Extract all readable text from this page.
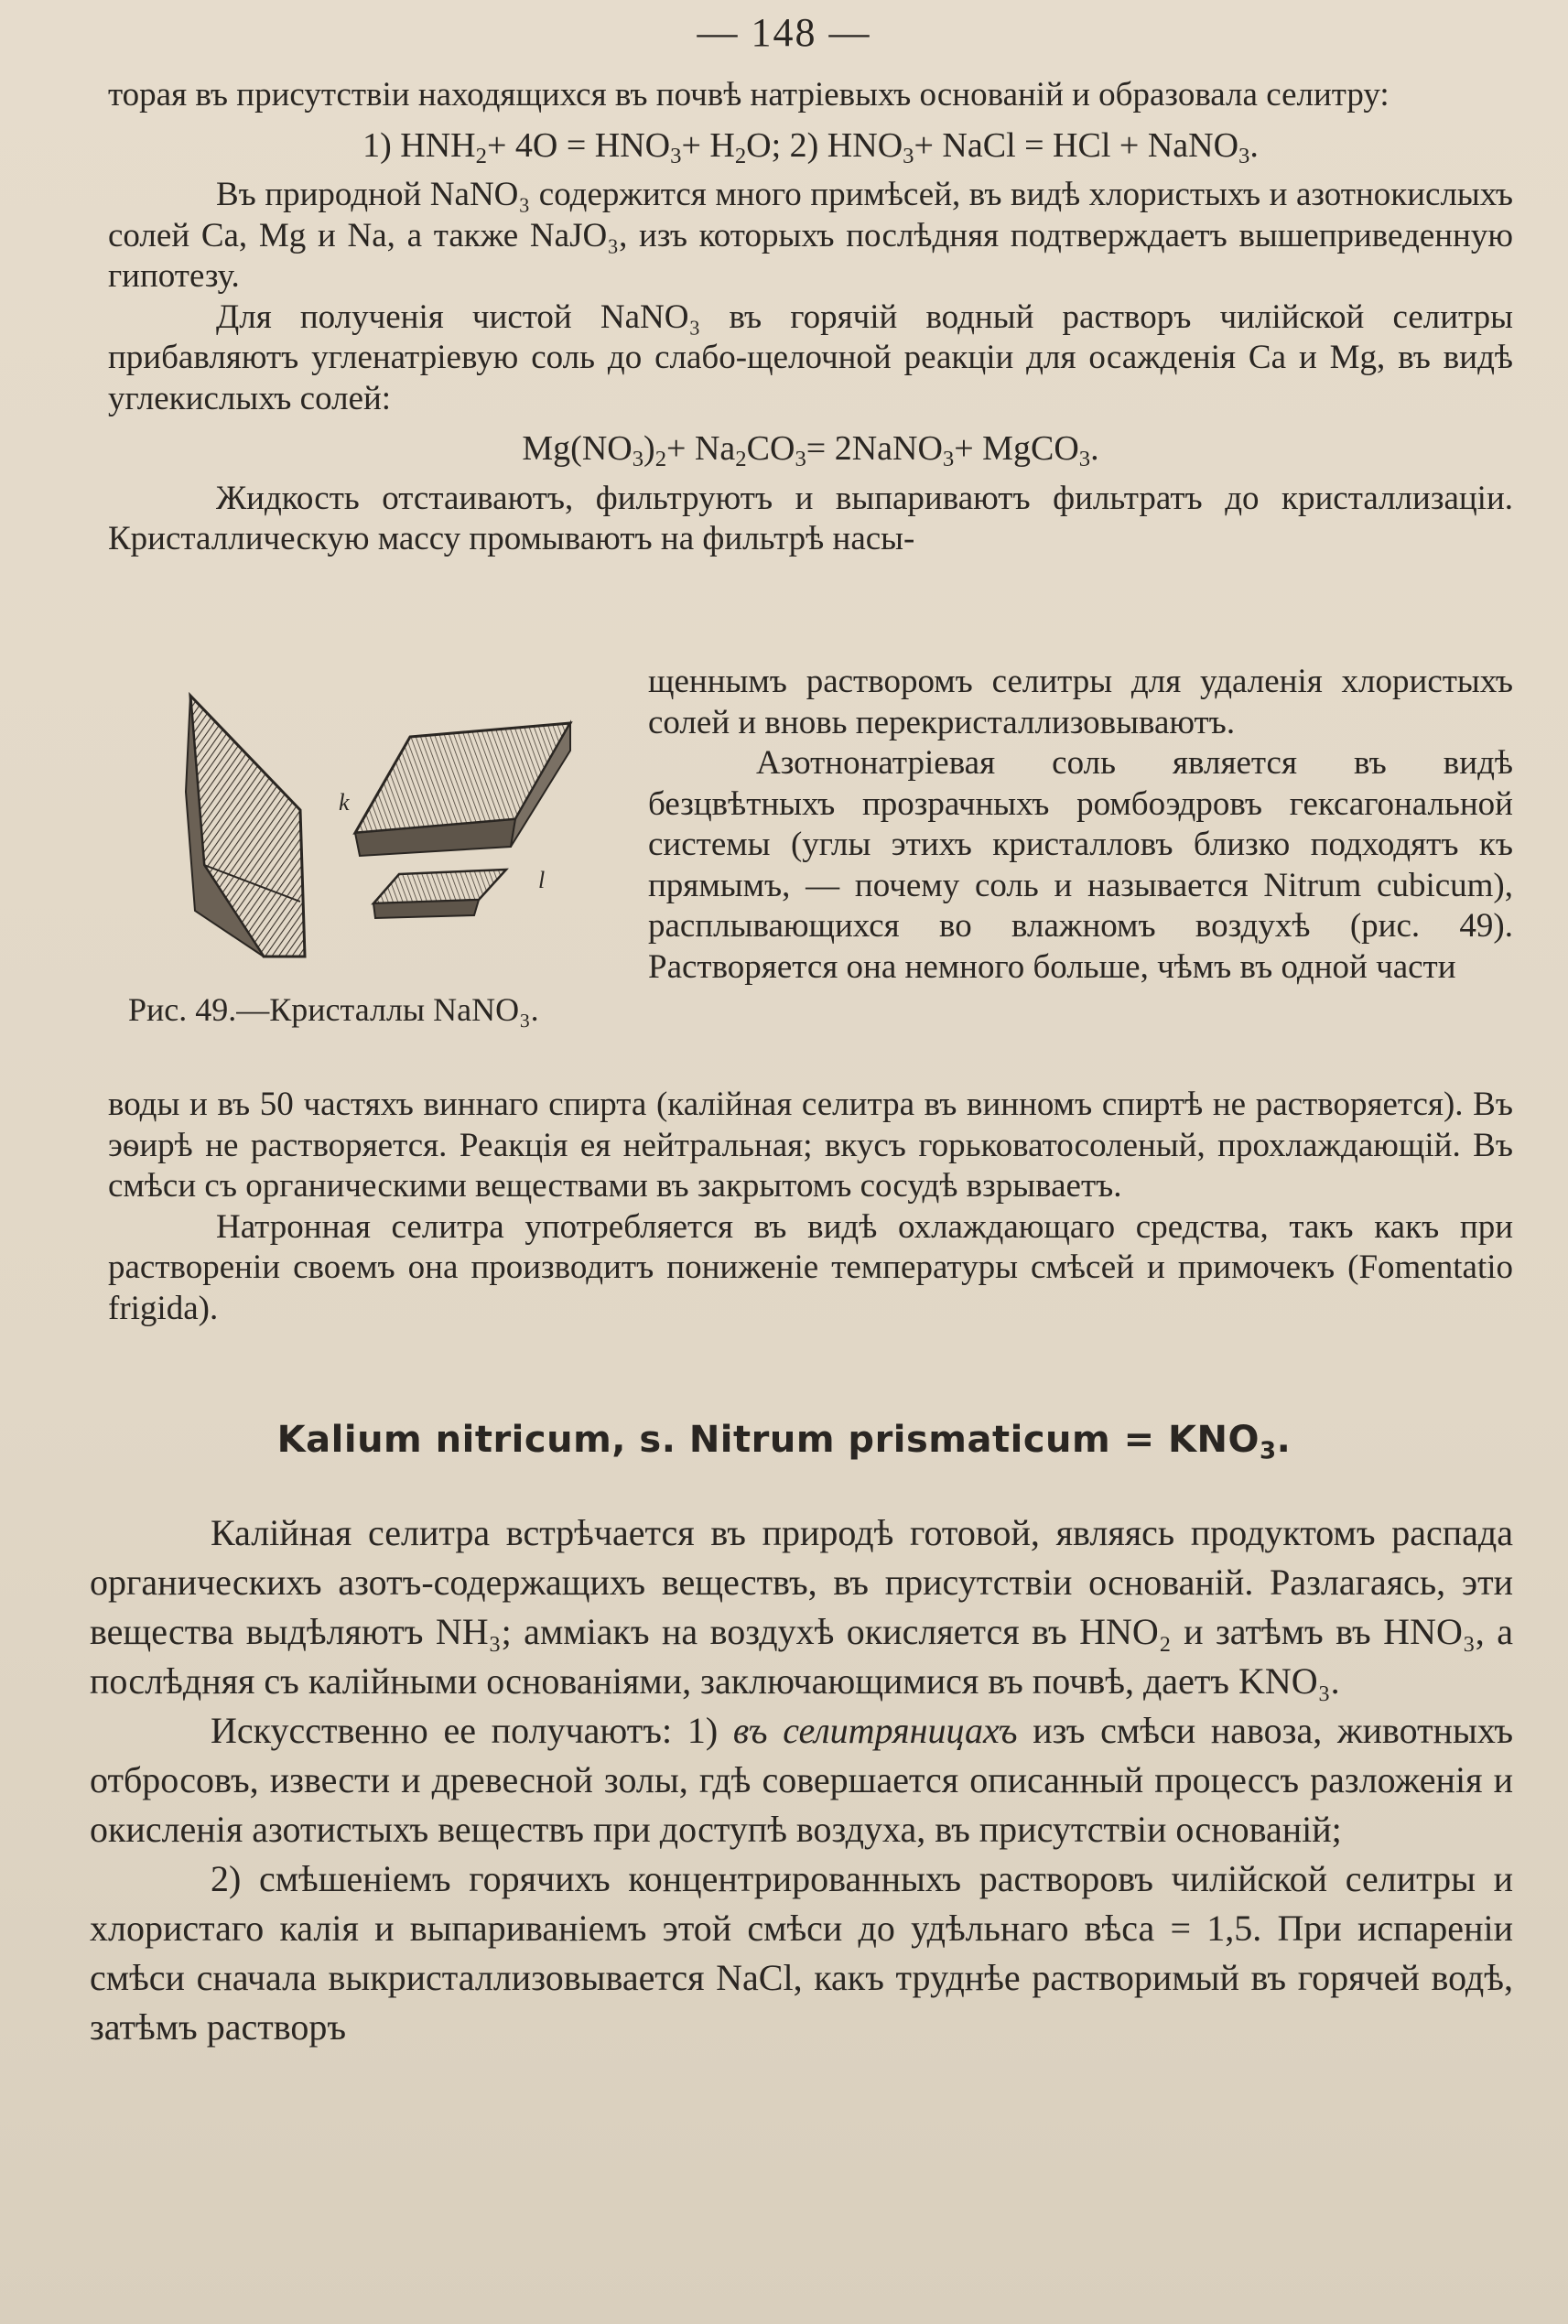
— 148 —

торая въ присутствіи находящихся въ почвѣ натріевыхъ основаній и образовала селитру:

1) $HNH_2+ 4O = HNO_3+ H_2O$; 2) $HNO_3+$ NaCl = HCl + NaNO$_3$.

Въ природной NaNO₃ содержится много примѣсей, въ видѣ хлористыхъ и азотнокислыхъ солей Ca, Mg и Na, а также NaJO₃, изъ которыхъ послѣдняя подтверждаетъ вышеприведенную гипотезу.

Для полученія чистой NaNO₃ въ горячій водный растворъ чилійской селитры прибавляютъ угленатріевую соль до слабо-щелочной реакціи для осажденія Ca и Mg, въ видѣ углекислыхъ солей:

$Mg(NO_3)_2+ Na_2CO_3=$ 2NaNO$_3$+ MgCO$_3$.

Жидкость отстаиваютъ, фильтруютъ и выпариваютъ фильтратъ до кристаллизаціи. Кристаллическую массу промываютъ на фильтрѣ насы-

k
l

щеннымъ растворомъ селитры для удаленія хлористыхъ солей и вновь перекристаллизовываютъ.

Азотнонатріевая соль является въ видѣ безцвѣтныхъ прозрачныхъ ромбоэдровъ гексагональной системы (углы этихъ кристалловъ близко подходятъ къ прямымъ, — почему соль и называется Nitrum cubicum), расплывающихся во влажномъ воздухѣ (рис. 49). Растворяется она немного больше, чѣмъ въ одной части

Рис. 49.—Кристаллы NaNO₃.

воды и въ 50 частяхъ виннаго спирта (калійная селитра въ винномъ спиртѣ не растворяется). Въ эѳирѣ не растворяется. Реакція ея нейтральная; вкусъ горьковатосоленый, прохлаждающій. Въ смѣси съ органическими веществами въ закрытомъ сосудѣ взрываетъ.

Натронная селитра употребляется въ видѣ охлаждающаго средства, такъ какъ при раствореніи своемъ она производитъ пониженіе температуры смѣсей и примочекъ (Fomentatio frigida).

Kalium nitricum, s. Nitrum prismaticum = $KNO_3$.

Калійная селитра встрѣчается въ природѣ готовой, являясь продуктомъ распада органическихъ азотъ-содержащихъ веществъ, въ присутствіи основаній. Разлагаясь, эти вещества выдѣляютъ NH₃; аммiакъ на воздухѣ окисляется въ HNO₂ и затѣмъ въ HNO₃, а послѣдняя съ калійными основаніями, заключающимися въ почвѣ, даетъ KNO₃.

Искусственно ее получаютъ: 1) въ селитряницахъ изъ смѣси навоза, животныхъ отбросовъ, извести и древесной золы, гдѣ совершается описанный процессъ разложенія и окисленія азотистыхъ веществъ при доступѣ воздуха, въ присутствіи основаній;

2) смѣшеніемъ горячихъ концентрированныхъ растворовъ чилійской селитры и хлористаго калія и выпариваніемъ этой смѣси до удѣльнаго вѣса = 1,5. При испареніи смѣси сначала выкристаллизовывается NaCl, какъ труднѣе растворимый въ горячей водѣ, затѣмъ растворъ
